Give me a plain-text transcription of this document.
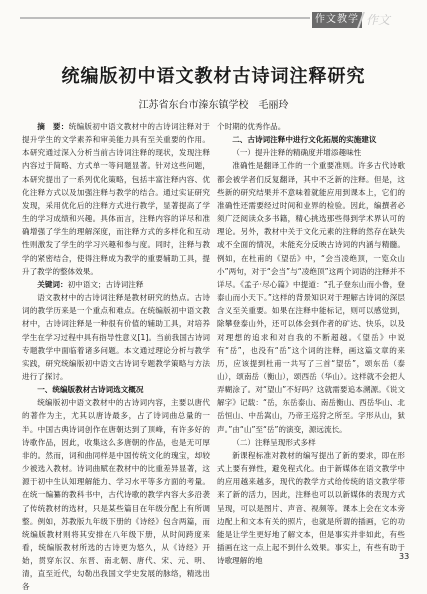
作文教学 作文
统编版初中语文教材古诗词注释研究
江苏省东台市溱东镇学校　毛丽玲

摘　要：统编版初中语文教材中的古诗词注释对于提升学生的文学素养和审美能力具有至关重要的作用。本研究通过深入分析当前古诗词注释的现状，发现注释内容过于简略、方式单一等问题显著。针对这些问题，本研究提出了一系列优化策略，包括丰富注释内容、优化注释方式以及加强注释与教学的结合。通过实证研究发现，采用优化后的注释方式进行教学，显著提高了学生的学习成绩和兴趣。具体而言，注释内容的详尽和准确增强了学生的理解深度，而注释方式的多样化和互动性则激发了学生的学习兴趣和参与度。同时，注释与教学的紧密结合，使得注释成为教学的重要辅助工具，提升了教学的整体效果。

关键词：初中语文；古诗词注释

语文教材中的古诗词注释是教材研究的热点。古诗词的教学历来是一个重点和难点。在统编版初中语文教材中，古诗词注释是一种很有价值的辅助工具，对培养学生在学习过程中具有指导性意义[1]。当前我国古诗词专题教学中面临着诸多问题。本文通过理论分析与教学实践，研究统编版初中语文古诗词专题教学策略与方法进行了探讨。

一、统编版教材古诗词选文概况

统编版初中语文教材中的古诗词内容，主要以唐代的著作为主，尤其以唐诗最多，占了诗词曲总量的一半。中国古典诗词创作在唐朝达到了顶峰，有许多好的诗歌作品，因此，收集这么多唐朝的作品，也是无可厚非的。然而，词和曲同样是中国传统文化的瑰宝，却较少被选入教材。诗词曲赋在教材中的比重差异显著，这源于初中生认知理解能力、学习水平等多方面的考量。在统一编纂的教科书中，古代诗歌的教学内容大多沿袭了传统教材的选材，只是某些篇目在年级分配上有所调整。例如，苏教版九年级下册的《诗经》包含两篇，而统编版教材则将其安排在八年级下册，从时间跨度来看，统编版教材所选的古诗更为悠久，从《诗经》开始，贯穿东汉、东晋、南北朝、唐代、宋、元、明、清，直至近代，勾勒出我国文学史发展的脉络，精选出各

个时期的优秀作品。

二、古诗词注释中进行文化拓展的实施建议

（一）提升注释的精确度并增添趣味性

准确性是翻译工作的一个重要准则。许多古代诗歌都会被学者们反复翻译，其中不乏新的注释。但是，这些新的研究结果并不意味着就能应用到课本上，它们的准确性还需要经过时间和业界的检验。因此，编撰者必须广泛阅读众多书籍，精心挑选那些得到学术界认可的理论。另外，教材中关于文化元素的注释的然存在缺失或不全面的情况，未能充分反映古诗词的内涵与精髓。例如，在杜甫的《望岳》中，“会当凌绝顶，一览众山小”两句，对于“会当”与“凌绝顶”这两个词语的注释并不详尽。《孟子·尽心篇》中提道：“孔子登东山而小鲁，登泰山而小天下。”这样的背景知识对于理解古诗词的深层含义至关重要。如果在注释中能标记，则可以感觉到，除攀登泰山外，还可以体会到作者的矿达、快乐，以及对理想的追求和对自我的不断超越。《望岳》中说有“岳”，也没有“岳”这个词的注释，画这篇文章的来历，应该提到杜甫一共写了三首“望岳”，颂东岳（泰山），颂南岳（衡山），颂西岳（华山）。这样就不会把人弄糊涂了。对“望山”不好吗？这就需要追本溯源。《说文解字》记载：“岳，东岳泰山、南岳衡山、西岳华山、北岳恒山、中岳嵩山，乃帝王巡狩之所至。字形从山，狱声。”由“山”至“岳”的演变，源远流长。

（二）注释呈现形式多样

新课程标准对教材的编写提出了新的要求，即在形式上要有弹性，避免程式化。由于新媒体在语文教学中的应用越来越多，现代的教学方式给传统的语文教学带来了新的活力，因此，注释也可以以新媒体的表现方式呈现，可以是图片、声音、视频等。课本上会在文本旁边配上和文本有关的照片，也就是所谓的插画，它的功能是让学生更好地了解文本，但是事实并非如此，有些插画在这一点上起不到什么效果。事实上，有些有助于诗歌理解的地	33
